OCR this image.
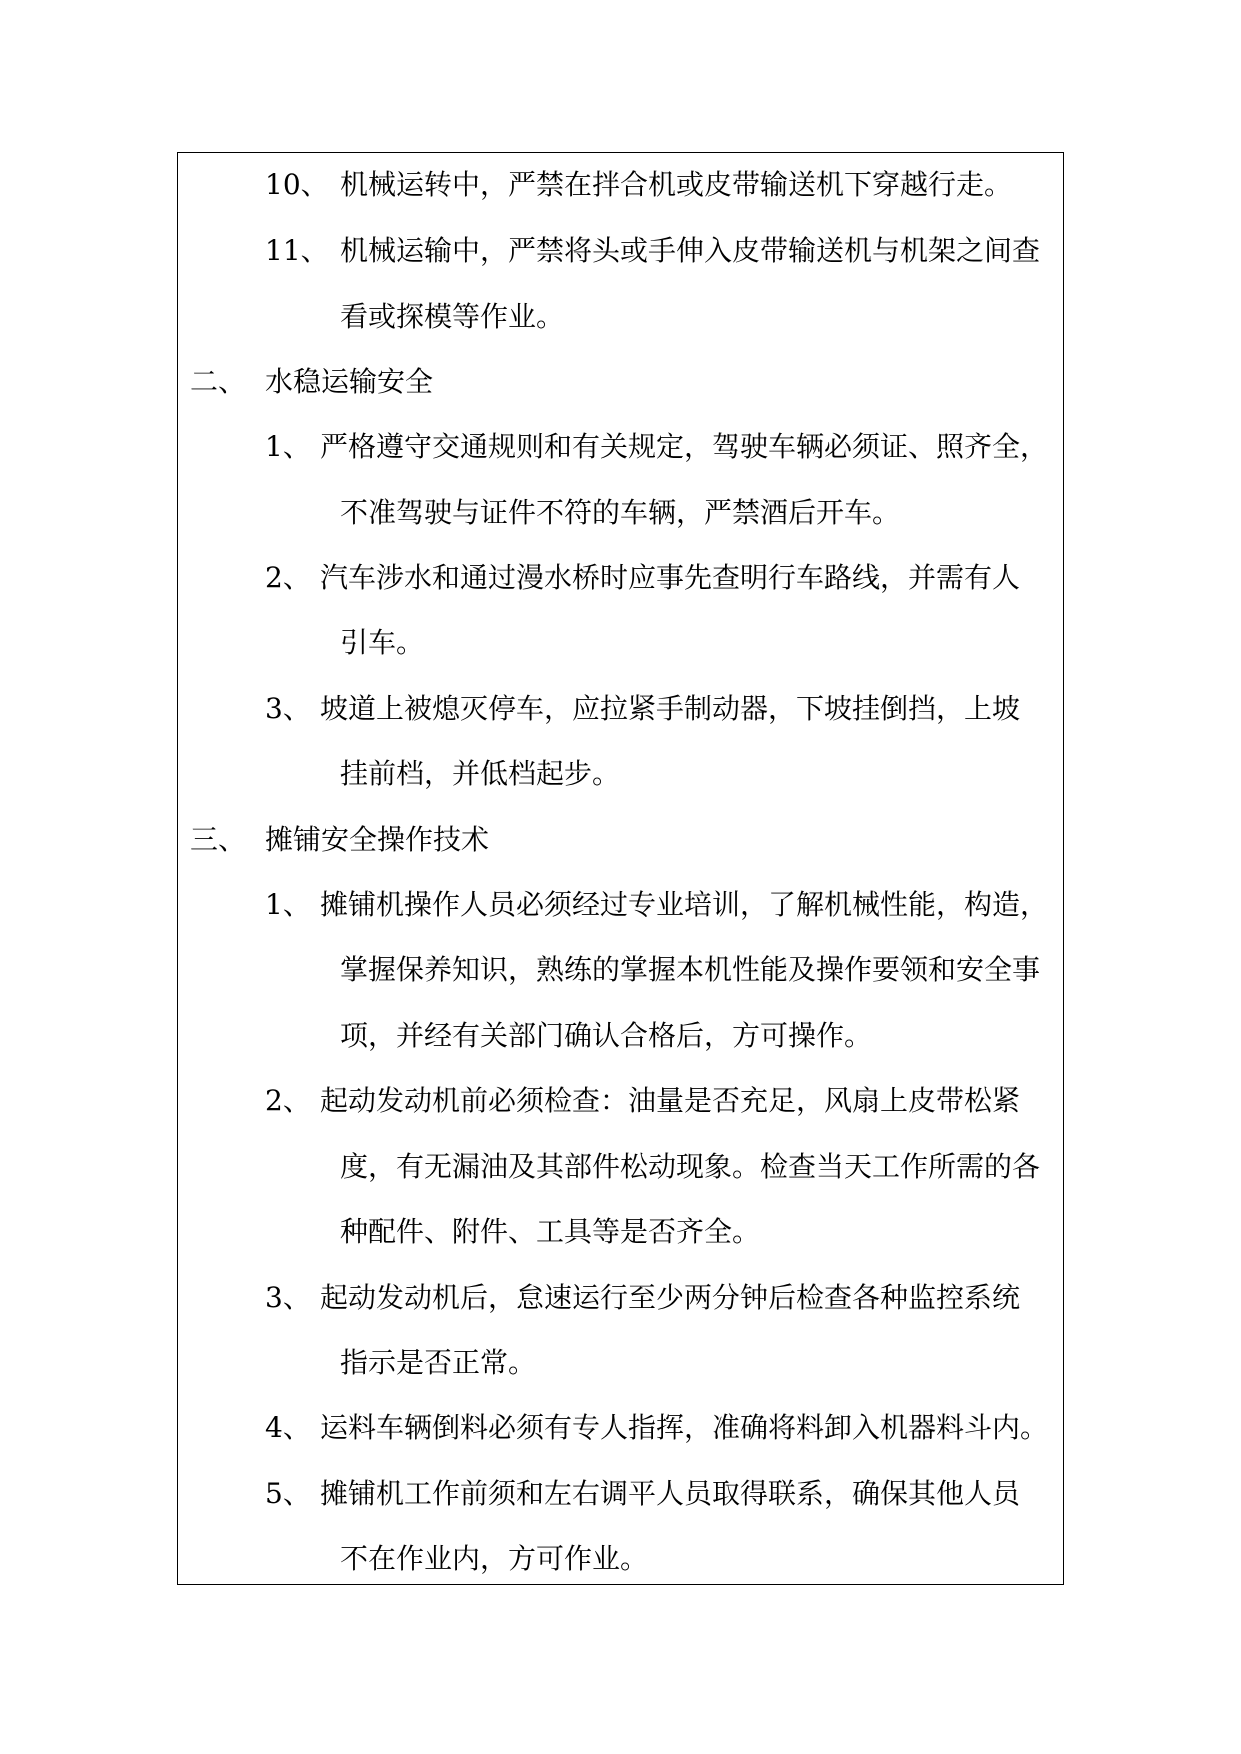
10、 机械运转中，严禁在拌合机或皮带输送机下穿越行走。
11、 机械运输中，严禁将头或手伸入皮带输送机与机架之间查
看或探模等作业。
二、 水稳运输安全
1、 严格遵守交通规则和有关规定，驾驶车辆必须证、照齐全，
不准驾驶与证件不符的车辆，严禁酒后开车。
2、 汽车涉水和通过漫水桥时应事先查明行车路线，并需有人
引车。
3、 坡道上被熄灭停车，应拉紧手制动器，下坡挂倒挡，上坡
挂前档，并低档起步。
三、 摊铺安全操作技术
1、 摊铺机操作人员必须经过专业培训，了解机械性能，构造，
掌握保养知识，熟练的掌握本机性能及操作要领和安全事
项，并经有关部门确认合格后，方可操作。
2、 起动发动机前必须检查：油量是否充足，风扇上皮带松紧
度，有无漏油及其部件松动现象。检查当天工作所需的各
种配件、附件、工具等是否齐全。
3、 起动发动机后，怠速运行至少两分钟后检查各种监控系统
指示是否正常。
4、 运料车辆倒料必须有专人指挥，准确将料卸入机器料斗内。
5、 摊铺机工作前须和左右调平人员取得联系，确保其他人员
不在作业内，方可作业。
